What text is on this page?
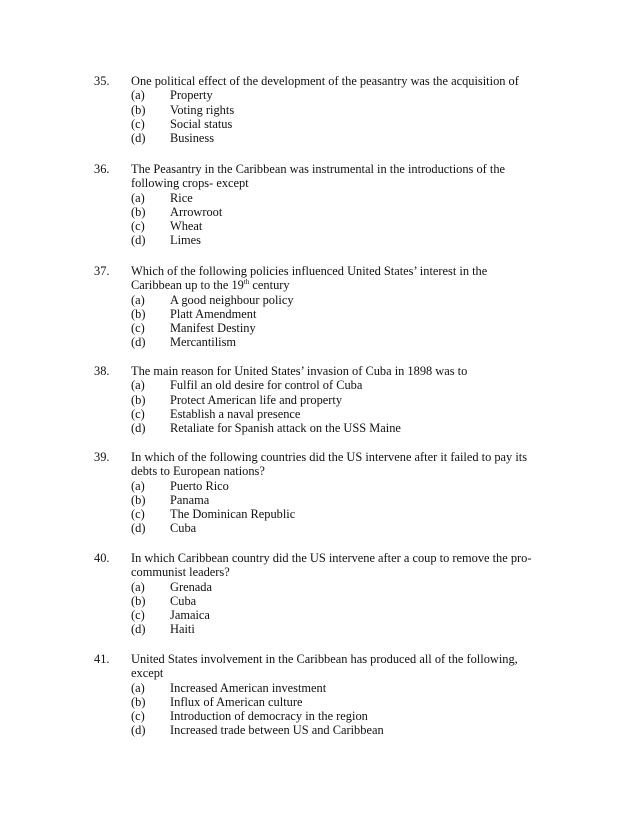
35.	One political effect of the development of the peasantry was the acquisition of
(a)	Property
(b)	Voting rights
(c)	Social status
(d)	Business
36.	The Peasantry in the Caribbean was instrumental in the introductions of the following crops- except
(a)	Rice
(b)	Arrowroot
(c)	Wheat
(d)	Limes
37.	Which of the following policies influenced United States’ interest in the
Caribbean up to the 19th century
(a)	A good neighbour policy
(b)	Platt Amendment
(c)	Manifest Destiny
(d)	Mercantilism
38.	The main reason for United States’ invasion of Cuba in 1898 was to
(a)	Fulfil an old desire for control of Cuba
(b)	Protect American life and property
(c)	Establish a naval presence
(d)	Retaliate for Spanish attack on the USS Maine
39.	In which of the following countries did the US intervene after it failed to pay its debts to European nations?
(a)	Puerto Rico
(b)	Panama
(c)	The Dominican Republic
(d)	Cuba
40.	In which Caribbean country did the US intervene after a coup to remove the pro-communist leaders?
(a)	Grenada
(b)	Cuba
(c)	Jamaica
(d)	Haiti
41.	United States involvement in the Caribbean has produced all of the following, except
(a)	Increased American investment
(b)	Influx of American culture
(c)	Introduction of democracy in the region
(d)	Increased trade between US and Caribbean
